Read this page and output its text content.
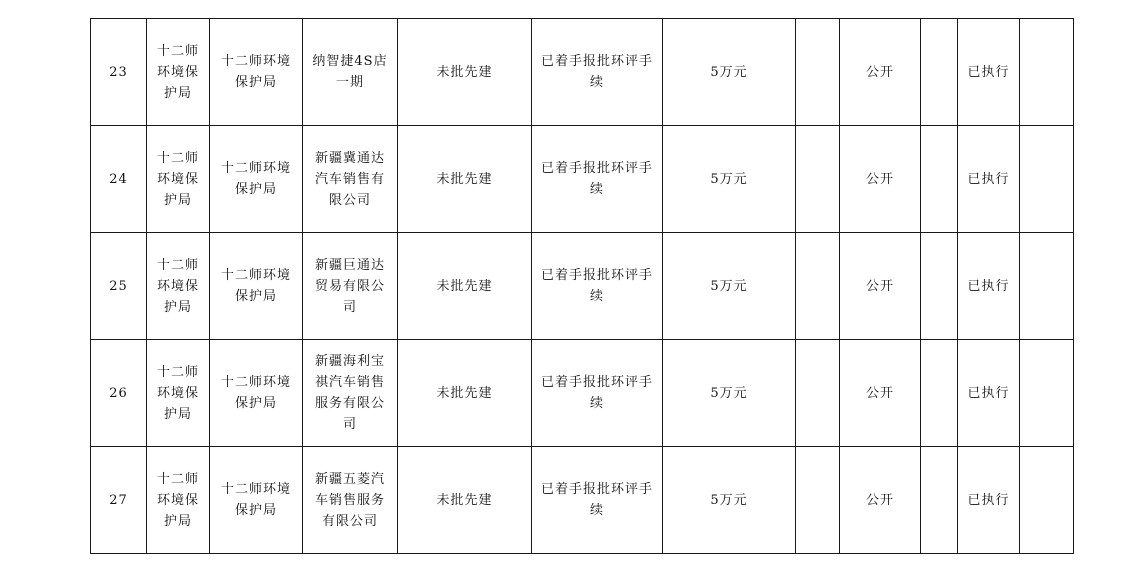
23	十二师环境保护局	十二师环境保护局	纳智捷4S店一期	未批先建	已着手报批环评手续	5万元		公开		已执行	
24	十二师环境保护局	十二师环境保护局	新疆冀通达汽车销售有限公司	未批先建	已着手报批环评手续	5万元		公开		已执行	
25	十二师环境保护局	十二师环境保护局	新疆巨通达贸易有限公司	未批先建	已着手报批环评手续	5万元		公开		已执行	
26	十二师环境保护局	十二师环境保护局	新疆海利宝祺汽车销售服务有限公司	未批先建	已着手报批环评手续	5万元		公开		已执行	
27	十二师环境保护局	十二师环境保护局	新疆五菱汽车销售服务有限公司	未批先建	已着手报批环评手续	5万元		公开		已执行	
